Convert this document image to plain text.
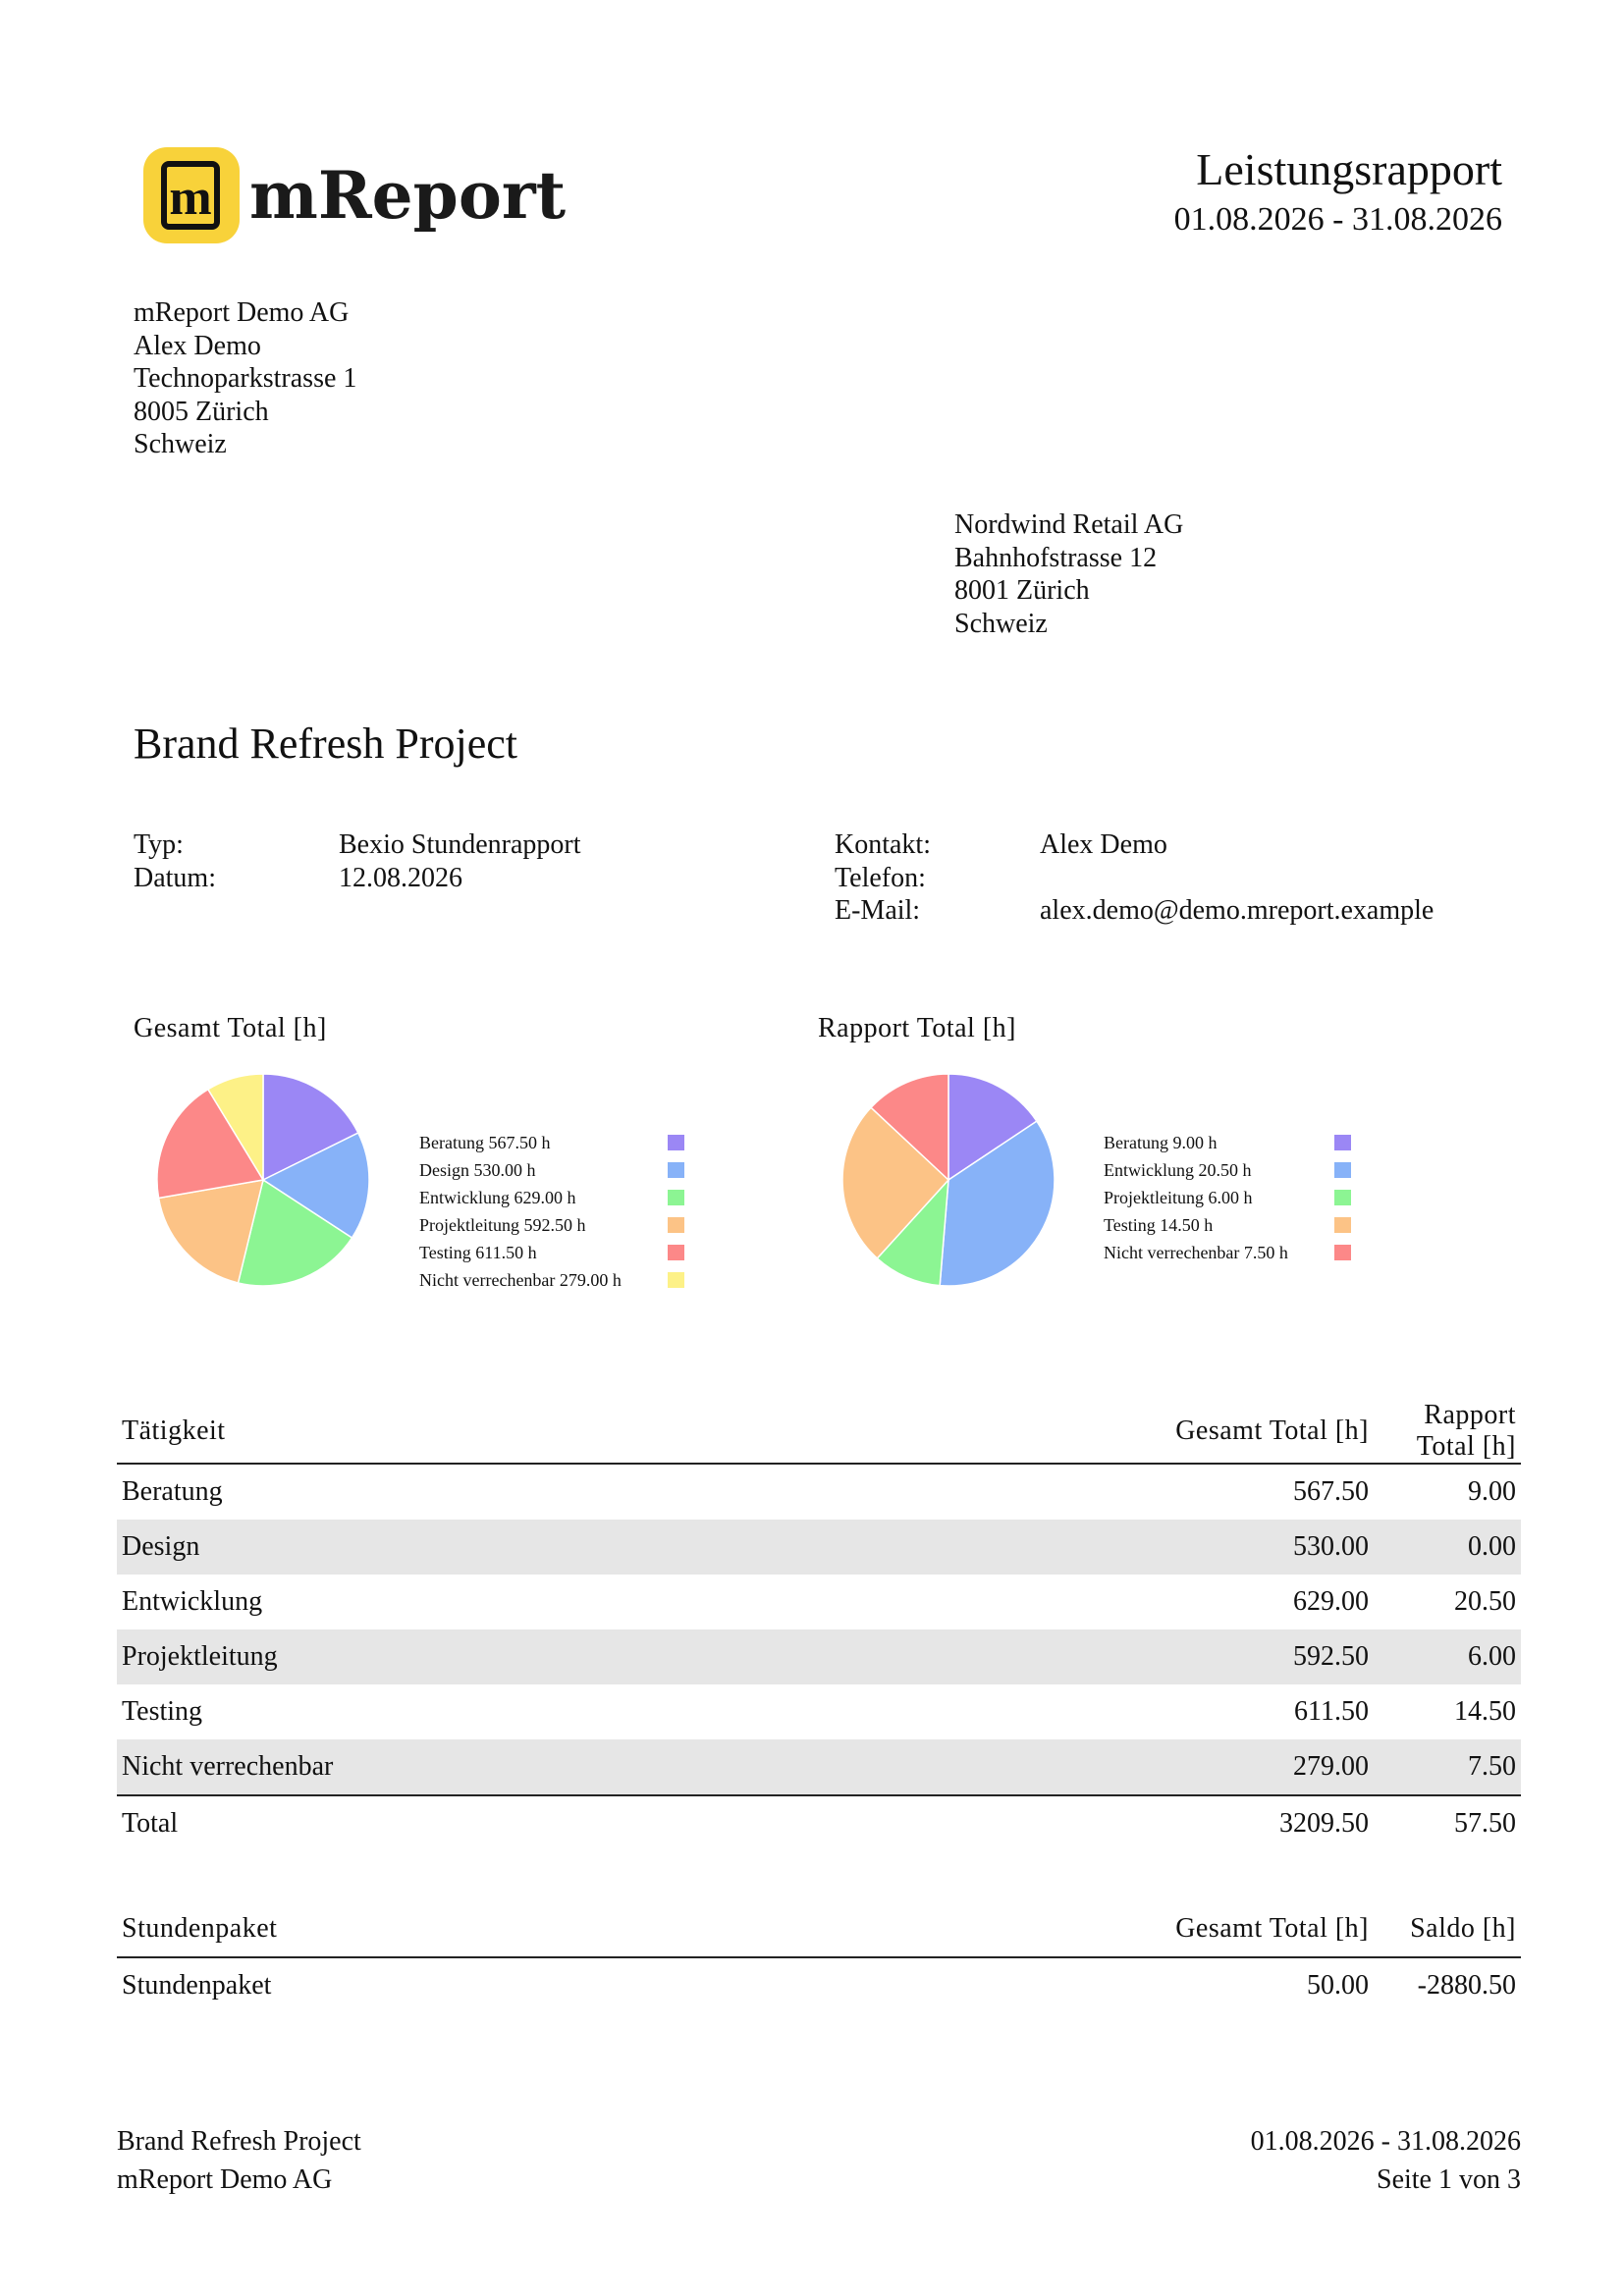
m mReport	Leistungsrapport
01.08.2026 - 31.08.2026
mReport Demo AG
Alex Demo
Technoparkstrasse 1
8005 Zürich
Schweiz
Nordwind Retail AG
Bahnhofstrasse 12
8001 Zürich
Schweiz
Brand Refresh Project
Typ:	Bexio Stundenrapport
Datum:	12.08.2026
Kontakt:	Alex Demo
Telefon:
E-Mail:	alex.demo@demo.mreport.example
Gesamt Total [h]
Beratung 567.50 h
Design 530.00 h
Entwicklung 629.00 h
Projektleitung 592.50 h
Testing 611.50 h
Nicht verrechenbar 279.00 h
Rapport Total [h]
Beratung 9.00 h
Entwicklung 20.50 h
Projektleitung 6.00 h
Testing 14.50 h
Nicht verrechenbar 7.50 h
Tätigkeit	Gesamt Total [h]	Rapport Total [h]
Beratung	567.50	9.00
Design	530.00	0.00
Entwicklung	629.00	20.50
Projektleitung	592.50	6.00
Testing	611.50	14.50
Nicht verrechenbar	279.00	7.50
Total	3209.50	57.50
Stundenpaket	Gesamt Total [h]	Saldo [h]
Stundenpaket	50.00	-2880.50
Brand Refresh Project
mReport Demo AG
01.08.2026 - 31.08.2026
Seite 1 von 3
